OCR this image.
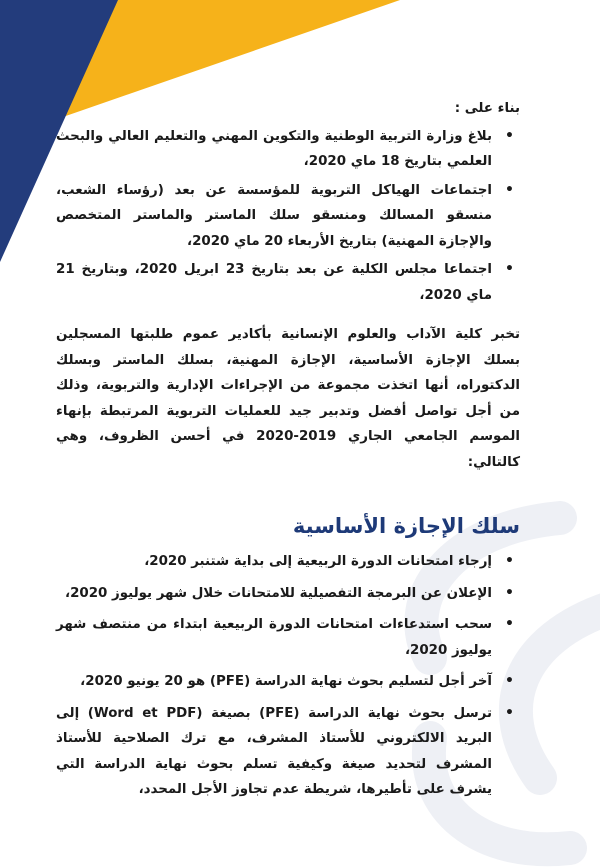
بناء على :

• بلاغ وزارة التربية الوطنية والتكوين المهني والتعليم العالي والبحث العلمي بتاريخ 18 ماي 2020،
• اجتماعات الهياكل التربوية للمؤسسة عن بعد (رؤساء الشعب، منسقو المسالك ومنسقو سلك الماستر والماستر المتخصص والإجازة المهنية) بتاريخ الأربعاء 20 ماي 2020،
• اجتماعا مجلس الكلية عن بعد بتاريخ 23 ابريل 2020، وبتاريخ 21 ماي 2020،

تخبر كلية الآداب والعلوم الإنسانية بأكادير عموم طلبتها المسجلين بسلك الإجازة الأساسية، الإجازة المهنية، بسلك الماستر وبسلك الدكتوراه، أنها اتخذت مجموعة من الإجراءات الإدارية والتربوية، وذلك من أجل تواصل أفضل وتدبير جيد للعمليات التربوية المرتبطة بإنهاء الموسم الجامعي الجاري 2019-2020 في أحسن الظروف، وهي كالتالي:

سلك الإجازة الأساسية
• إرجاء امتحانات الدورة الربيعية إلى بداية شتنبر 2020،
• الإعلان عن البرمجة التفصيلية للامتحانات خلال شهر يوليوز 2020،
• سحب استدعاءات امتحانات الدورة الربيعية ابتداء من منتصف شهر يوليوز 2020،
• آخر أجل لتسليم بحوث نهاية الدراسة (PFE) هو 20 يونيو 2020،
• ترسل بحوث نهاية الدراسة (PFE) بصيغة (Word et PDF) إلى البريد الالكتروني للأستاذ المشرف، مع ترك الصلاحية للأستاذ المشرف لتحديد صيغة وكيفية تسلم بحوث نهاية الدراسة التي يشرف على تأطيرها، شريطة عدم تجاوز الأجل المحدد،
